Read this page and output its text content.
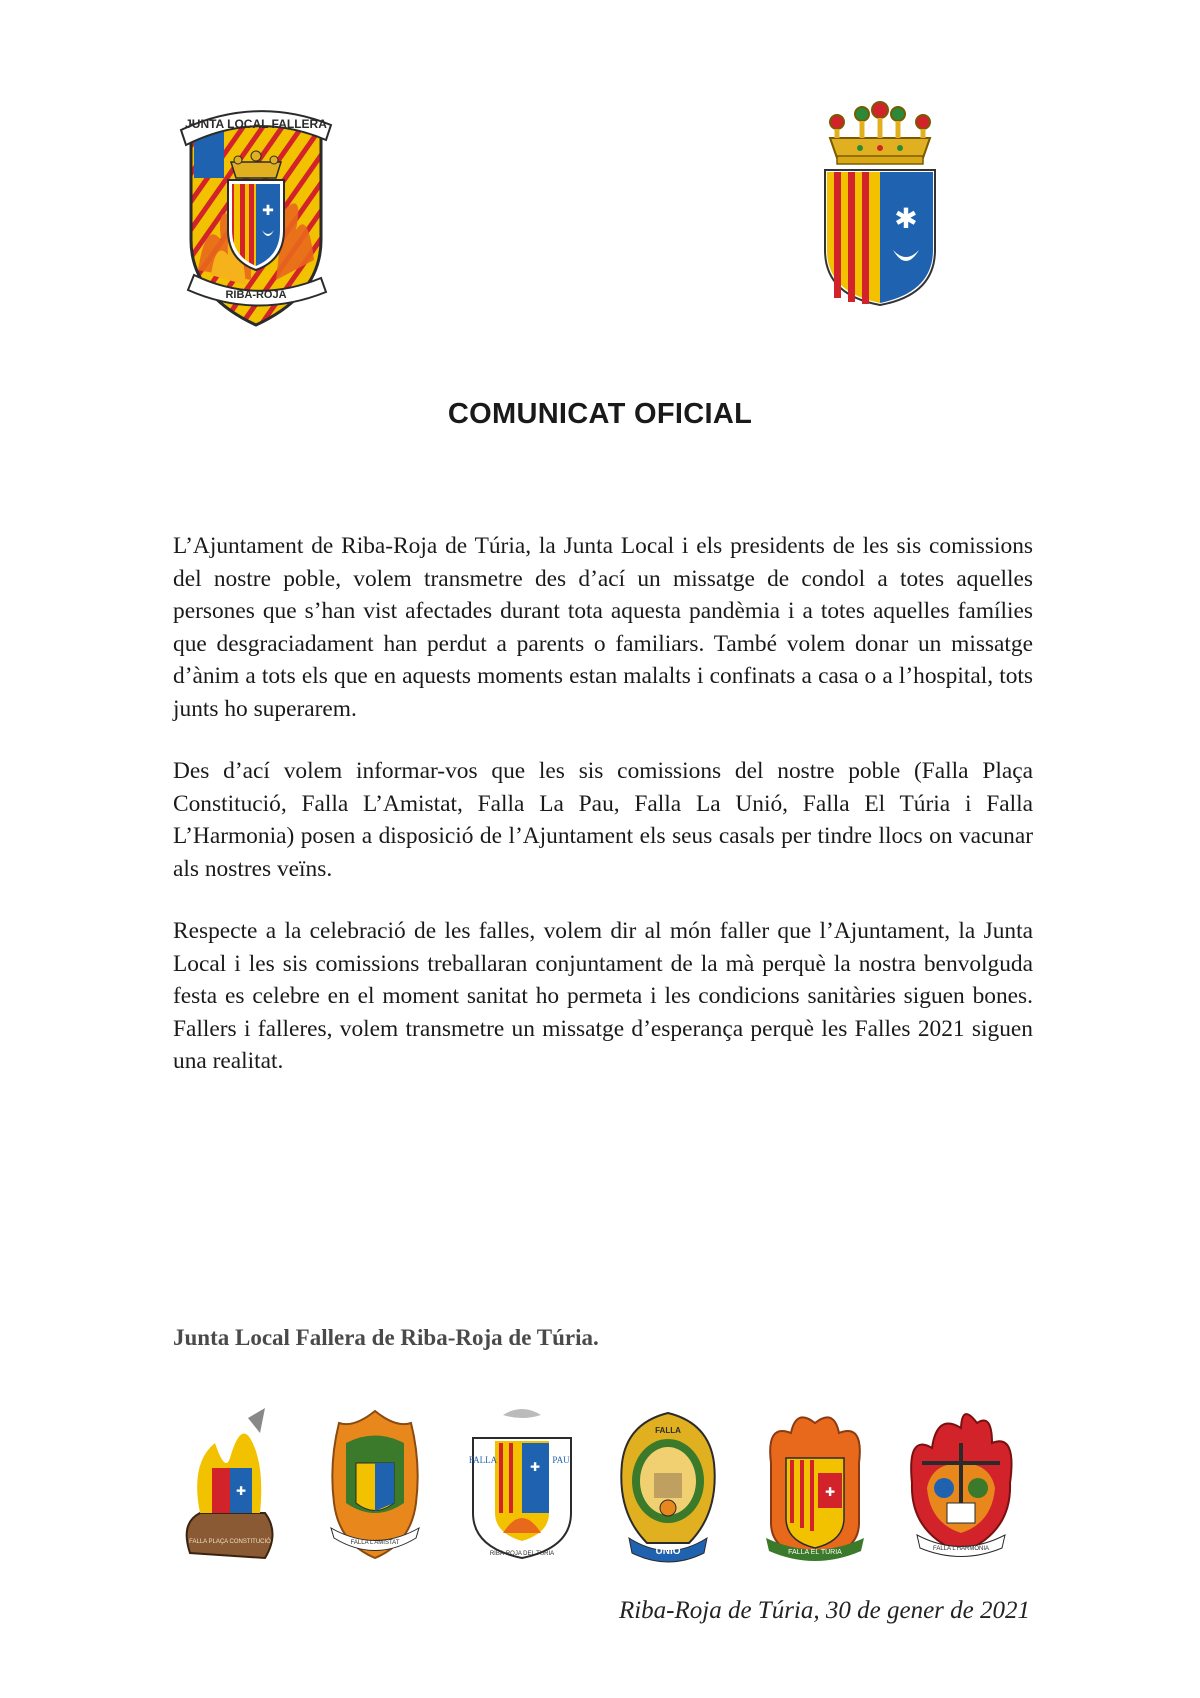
JUNTA LOCAL FALLERA
✚
RIBA-ROJA
✱
COMUNICAT OFICIAL

L’Ajuntament de Riba-Roja de Túria, la Junta Local i els presidents de les sis comissions del nostre poble, volem transmetre des d’ací un missatge de condol a totes aquelles persones que s’han vist afectades durant tota aquesta pandèmia i a totes aquelles famílies que desgraciadament han perdut a parents o familiars. També volem donar un missatge d’ànim a tots els que en aquests moments estan malalts i confinats a casa o a l’hospital, tots junts ho superarem.

Des d’ací volem informar-vos que les sis comissions del nostre poble (Falla Plaça Constitució, Falla L’Amistat, Falla La Pau, Falla La Unió, Falla El Túria i Falla L’Harmonia) posen a disposició de l’Ajuntament els seus casals per tindre llocs on vacunar als nostres veïns.

Respecte a la celebració de les falles, volem dir al món faller que l’Ajuntament, la Junta Local i les sis comissions treballaran conjuntament de la mà perquè la nostra benvolguda festa es celebre en el moment sanitat ho permeta i les condicions sanitàries siguen bones. Fallers i falleres, volem transmetre un missatge d’esperança perquè les Falles 2021 siguen una realitat.

Junta Local Fallera de Riba-Roja de Túria.
✚
FALLA PLAÇA CONSTITUCIÓ	FALLA L’AMISTAT
✚
FALLA	PAU
RIBA-ROJA DEL TURIA
FALLA
UNIÓ
✚
FALLA EL TURIA	FALLA L’HARMONIA
Riba-Roja de Túria, 30 de gener de 2021
